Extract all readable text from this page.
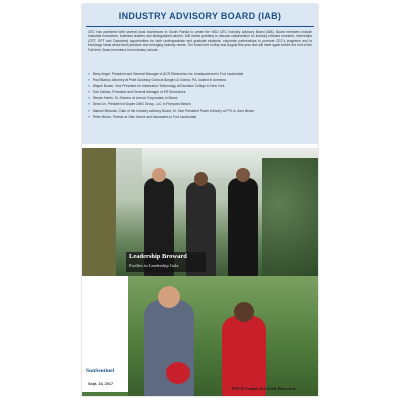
INDUSTRY ADVISORY BOARD (IAB)
CEC has partnered with several local businesses in South Florida to create the NSU CEC Industry Advisory Board (IAB). Board members include industrial executives, business leaders and distinguished alumni. IAB meets quarterly to discuss collaboration on industry relevant research, internships (CPT, OPT and Capstone) opportunities for both undergraduate and graduate students, corporate partnerships to promote CEC's programs and to exchange ideas about best practices and emerging industry needs. The board met in May and August this year and will meet again before the end of the Fall term. Board members from industry include:
» Barry Angel, President and General Manager of ACR Electronics Inc. headquartered in Fort Lauderdale
» Paul Bianco, Attorney at Pratt Golobsky Gulra at Bongiro & Granco, PA, located in Aventura
» Wayne Brown, Vice President for Information Technology at Excelsior College in New York
» Tom Dalhan, President and General Manager of KR Electronics
» Steven Harris, Sr. Director at Lennar Corporation in Miami
» Sean Lin, President of Aspire DMO Group, LLC in Pompano Beach
» Manuel Miranda, Chair of the Industry advisory Board, Sr. Vice President Power Delivery at FPL in Juno Beach
» Peter Moore, Partner at Olen Moore and Associates in Fort Lauderdale
Society
Scene
Leadership Broward
Profiles in Leadership Gala
SunSentinel
Sept. 24, 2017
PACE Center for Girls Broward
